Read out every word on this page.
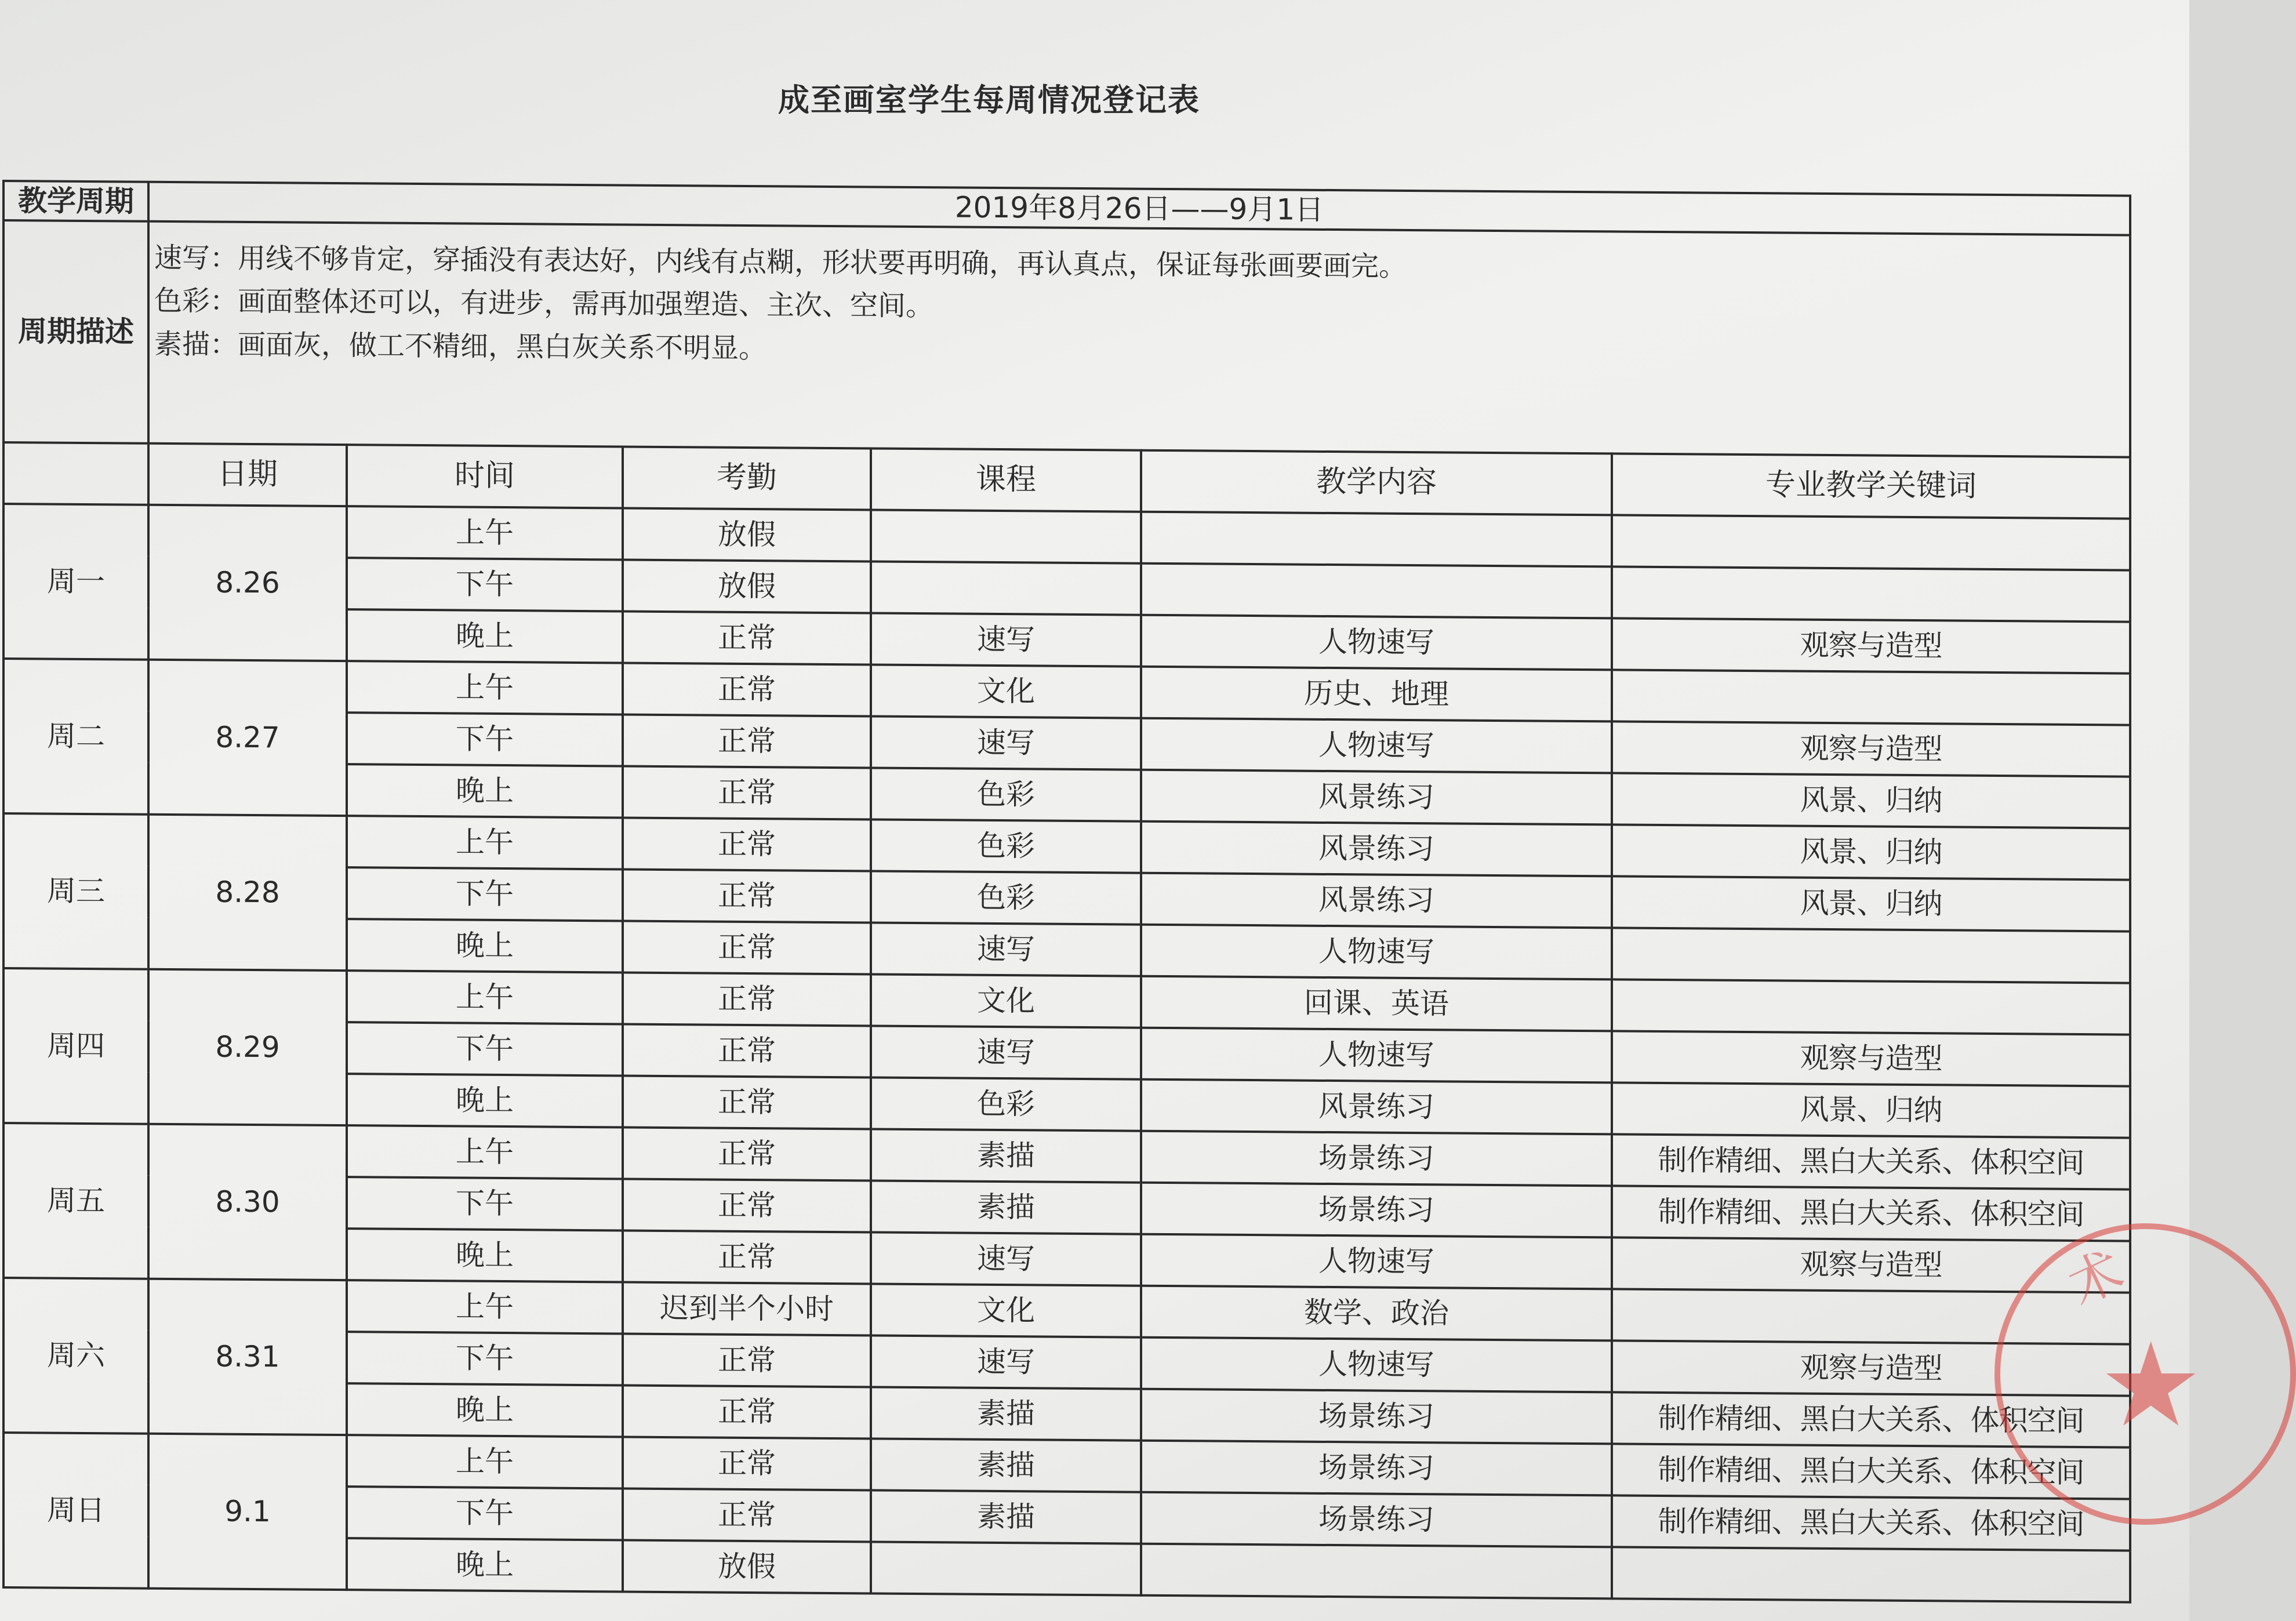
成至画室学生每周情况登记表
教学周期	2019年8月26日——9月1日					
周期描述	速写：用线不够肯定，穿插没有表达好，内线有点糊，形状要再明确，再认真点，保证每张画要画完。
色彩：画面整体还可以，有进步，需再加强塑造、主次、空间。
素描：画面灰，做工不精细，黑白灰关系不明显。					

	日期	时间	考勤	课程	教学内容	专业教学关键词
周一	8.26	上午	放假			
		下午	放假			
		晚上	正常	速写	人物速写	观察与造型
周二	8.27	上午	正常	文化	历史、地理	
		下午	正常	速写	人物速写	观察与造型
		晚上	正常	色彩	风景练习	风景、归纳
周三	8.28	上午	正常	色彩	风景练习	风景、归纳
		下午	正常	色彩	风景练习	风景、归纳
		晚上	正常	速写	人物速写	
周四	8.29	上午	正常	文化	回课、英语	
		下午	正常	速写	人物速写	观察与造型
		晚上	正常	色彩	风景练习	风景、归纳
周五	8.30	上午	正常	素描	场景练习	制作精细、黑白大关系、体积空间
		下午	正常	素描	场景练习	制作精细、黑白大关系、体积空间
		晚上	正常	速写	人物速写	观察与造型
周六	8.31	上午	迟到半个小时	文化	数学、政治	
		下午	正常	速写	人物速写	观察与造型
		晚上	正常	素描	场景练习	制作精细、黑白大关系、体积空间
周日	9.1	上午	正常	素描	场景练习	制作精细、黑白大关系、体积空间
		下午	正常	素描	场景练习	制作精细、黑白大关系、体积空间
		晚上	放假			
术
★
